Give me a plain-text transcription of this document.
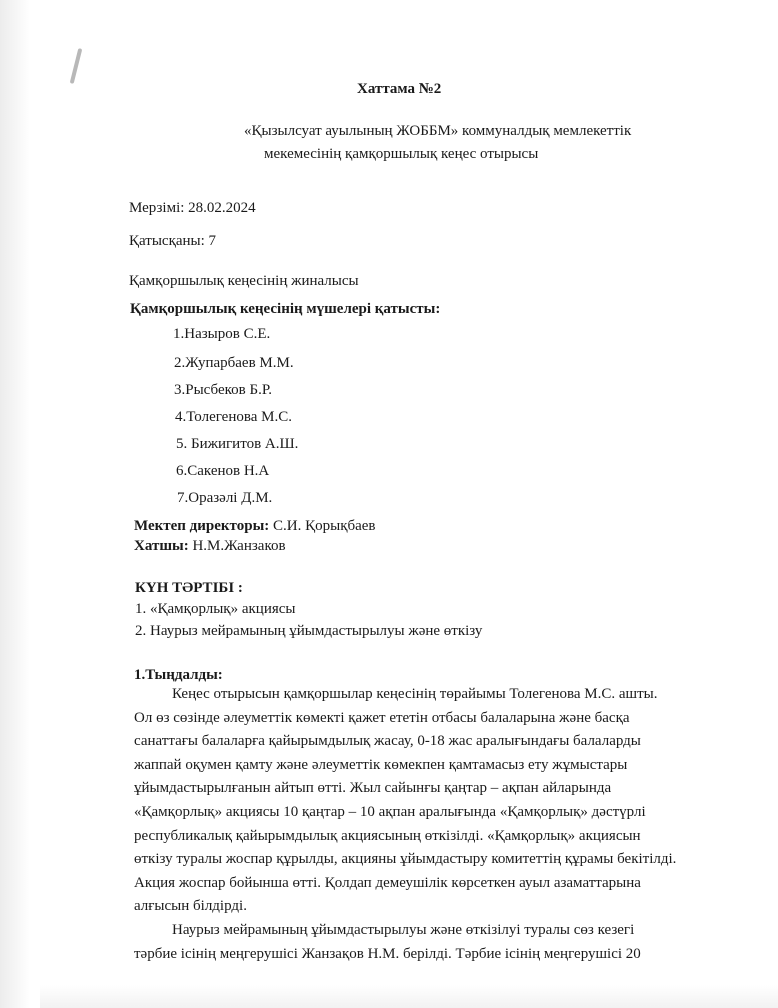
Хаттама №2
«Қызылсуат ауылының ЖОББМ» коммуналдық мемлекеттік
мекемесінің қамқоршылық кеңес отырысы
Мерзімі: 28.02.2024
Қатысқаны: 7
Қамқоршылық кеңесінің жиналысы
Қамқоршылық кеңесінің мүшелері қатысты:
1.Назыров С.Е.
2.Жупарбаев М.М.
3.Рысбеков Б.Р.
4.Толегенова М.С.
5. Бижигитов А.Ш.
6.Сакенов Н.А
7.Оразәлі Д.М.
Мектеп директоры: С.И. Қорықбаев
Хатшы: Н.М.Жанзаков
КҮН ТӘРТІБІ :
1. «Қамқорлық» акциясы
2. Наурыз мейрамының ұйымдастырылуы және өткізу
1.Тыңдалды:

Кеңес отырысын қамқоршылар кеңесінің төрайымы Толегенова М.С. ашты.

Ол өз сөзінде әлеуметтік көмекті қажет ететін отбасы балаларына және басқа

санаттағы балаларға қайырымдылық жасау, 0-18 жас аралығындағы балаларды

жаппай оқумен қамту және әлеуметтік көмекпен қамтамасыз ету жұмыстары

ұйымдастырылғанын айтып өтті. Жыл сайынғы қаңтар – ақпан айларында

«Қамқорлық» акциясы 10 қаңтар – 10 ақпан аралығында «Қамқорлық» дәстүрлі

республикалық қайырымдылық акциясының өткізілді. «Қамқорлық» акциясын

өткізу туралы жоспар құрылды, акцияны ұйымдастыру комитеттің құрамы бекітілді.

Акция жоспар бойынша өтті. Қолдап демеушілік көрсеткен ауыл азаматтарына

алғысын білдірді.

Наурыз мейрамының ұйымдастырылуы және өткізілуі туралы сөз кезегі

тәрбие ісінің меңгерушісі Жанзақов Н.М. берілді. Тәрбие ісінің меңгерушісі 20
